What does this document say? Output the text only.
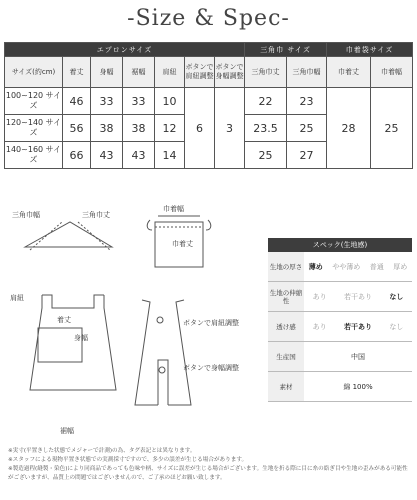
-Size & Spec-
エプロンサイズ							三角巾 サイズ		巾着袋サイズ	
サイズ(約cm)	着丈	身幅	裾幅	肩紐	ボタンで肩紐調整	ボタンで身幅調整	三角巾丈	三角巾幅	巾着丈	巾着幅
100~120 サイズ	46	33	33	10	6	3	22	23	28	25
120~140 サイズ	56	38	38	12			23.5	25		
140~160 サイズ	66	43	43	14			25	27		
三角巾幅	三角巾丈
巾着幅
巾着丈
肩紐
着丈
身幅
裾幅
ボタンで肩紐調整
ボタンで身幅調整
スペック(生地感)
生地の厚さ 薄め やや薄め 普通 厚め
生地の伸縮性	あり 若干あり なし
透け感	あり 若干あり なし
生産国	中国
素材	綿 100%
※実寸(平置きした状態でメジャーで計測)の為、タグ表記とは異なります。
※スタッフによる現物平置き状態での実測採寸ですので、多少の誤差が生じる場合があります。
※製造過程(縫製・染色)により同商品であっても色味や柄、サイズに誤差が生じる場合がございます。生地を折る際に目に糸の絡ぎ目や生地の歪みがある可能性がございますが、品質上の問題ではございませんので、ご了承のほどお願い致します。
